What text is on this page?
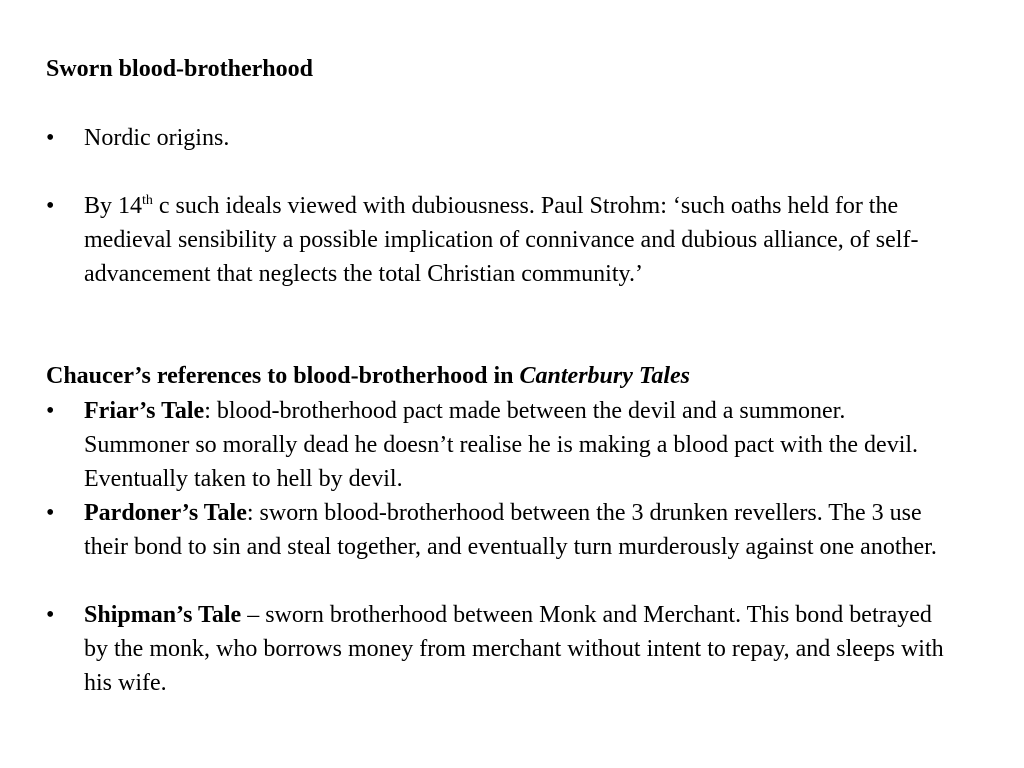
Sworn blood-brotherhood
• Nordic origins.
• By 14th c such ideals viewed with dubiousness. Paul Strohm: ‘such oaths held for the medieval sensibility a possible implication of connivance and dubious alliance, of self-advancement that neglects the total Christian community.’
Chaucer’s references to blood-brotherhood in Canterbury Tales
• Friar’s Tale: blood-brotherhood pact made between the devil and a summoner. Summoner so morally dead he doesn’t realise he is making a blood pact with the devil. Eventually taken to hell by devil.
• Pardoner’s Tale: sworn blood-brotherhood between the 3 drunken revellers. The 3 use their bond to sin and steal together, and eventually turn murderously against one another.
• Shipman’s Tale – sworn brotherhood between Monk and Merchant. This bond betrayed by the monk, who borrows money from merchant without intent to repay, and sleeps with his wife.
